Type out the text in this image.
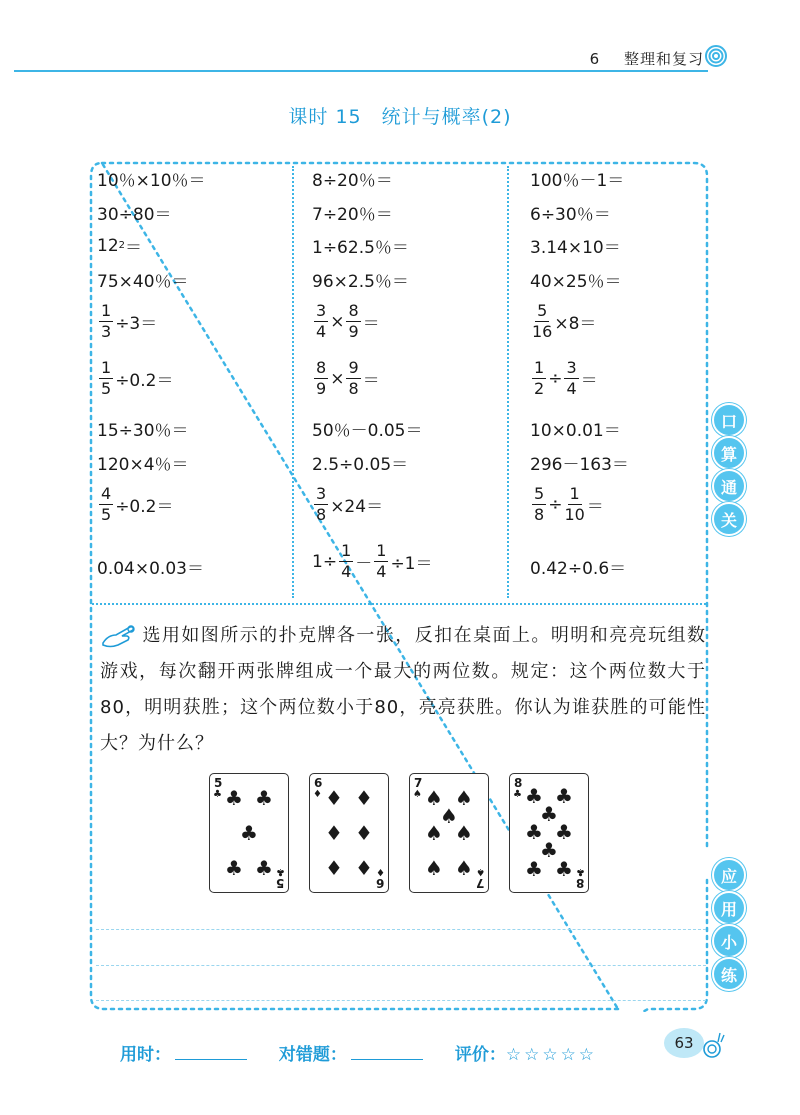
6 整理和复习
课时 15　统计与概率(2)
10％×10％＝
30÷80＝
12 2 ＝
75×40％＝
$\frac{1}{3} \div 3=$
$\frac{1}{5} \div 0.2=$
15÷30％＝
120×4％＝
$\frac{4}{5} \div 0.2=$
0.04×0.03＝
8÷20％＝
7÷20％＝
1÷62.5％＝
96×2.5％＝
$\frac{3}{4} \times \frac{8}{9}$ ＝
$\frac{8}{9} \times \frac{9}{8}$ ＝
50％－0.05＝
2.5÷0.05＝
$\frac{3}{8} \times 24=$
$1\div \frac{1}{4} - \frac{1}{4} \div 1=$
100％－1＝
6÷30％＝
3.14×10＝
40×25％＝
$\frac{5}{16} \times 8=$
$\frac{1}{2} \div \frac{3}{4}$ ＝
10×0.01＝
296－163＝
$\frac{5}{8} \div \frac{1}{10}$ ＝
0.42÷0.6＝
选用如图所示的扑克牌各一张，反扣在桌面上。明明和亮亮玩组数游戏，每次翻开两张牌组成一个最大的两位数。规定：这个两位数大于80，明明获胜；这个两位数小于80，亮亮获胜。你认为谁获胜的可能性大？为什么？
5
♣ ♣ ♣
♣
♣ ♣
5
♣
6
♦ ♦ ♦
♦ ♦
♦ ♦
6
♦
7
♠ ♠ ♠
♠
♠ ♠
♠ ♠
7
♠
8
♣ ♣ ♣
♣
♣ ♣
♣
♣ ♣
8
♣
口
算
通
关
应
用
小
练
用时：	对错题：	评价：☆☆☆☆☆
63
